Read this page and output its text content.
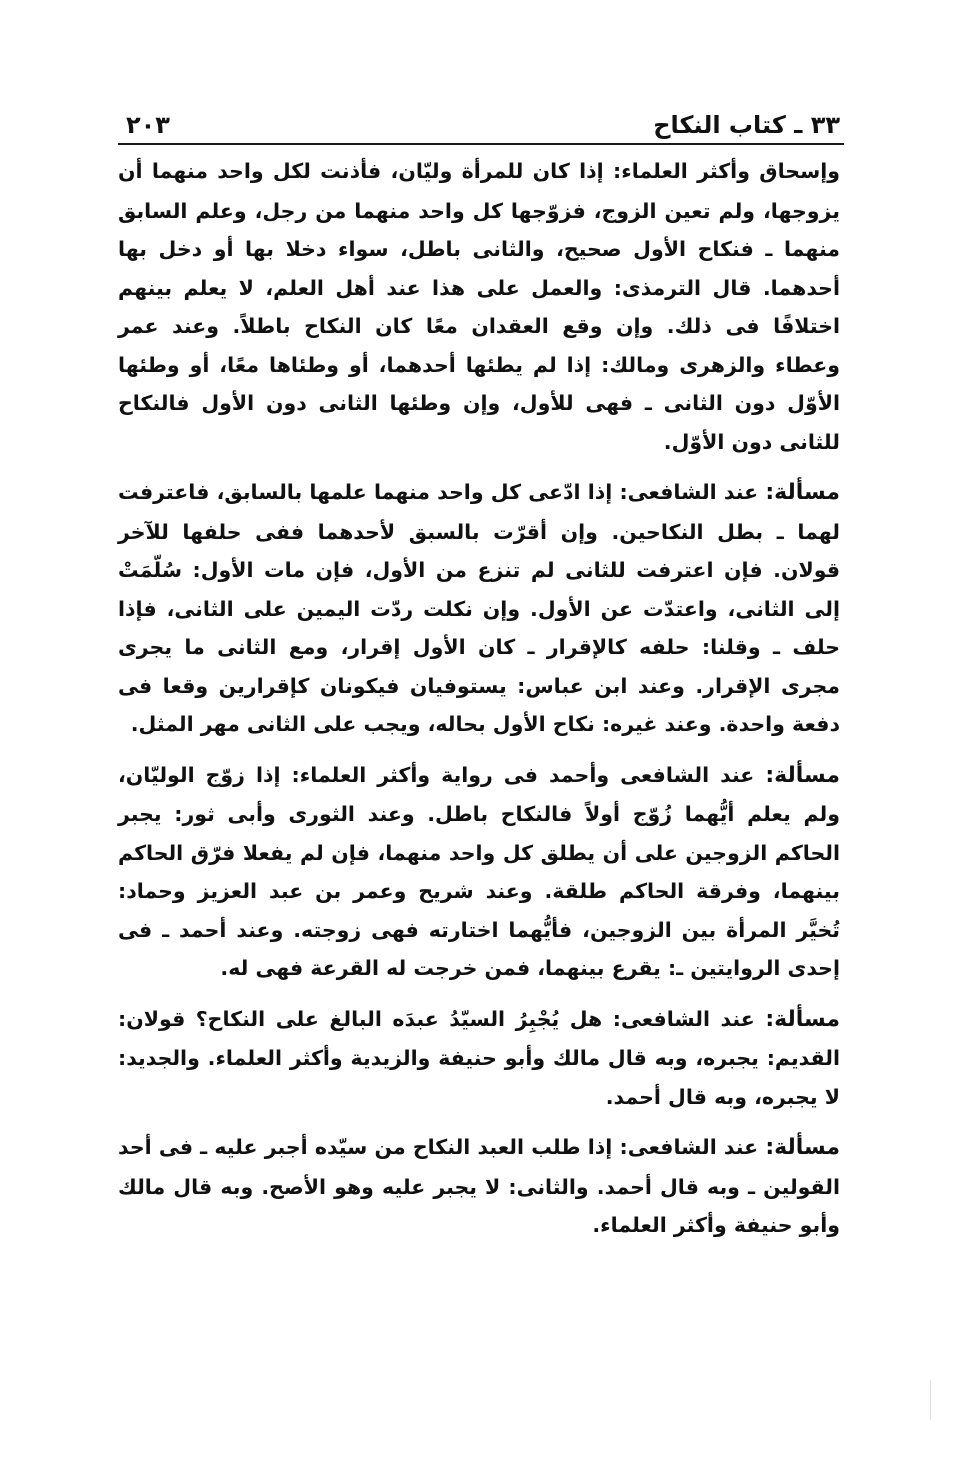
٣٣ ـ كتاب النكاح
٢٠٣

وإسحاق وأكثر العلماء: إذا كان للمرأة وليّان، فأذنت لكل واحد منهما أن يزوجها، ولم تعين الزوج، فزوّجها كل واحد منهما من رجل، وعلم السابق منهما ـ فنكاح الأول صحيح، والثانى باطل، سواء دخلا بها أو دخل بها أحدهما. قال الترمذى: والعمل على هذا عند أهل العلم، لا يعلم بينهم اختلافًا فى ذلك. وإن وقع العقدان معًا كان النكاح باطلاً. وعند عمر وعطاء والزهرى ومالك: إذا لم يطئها أحدهما، أو وطئاها معًا، أو وطئها الأوّل دون الثانى ـ فهى للأول، وإن وطئها الثانى دون الأول فالنكاح للثانى دون الأوّل.

مسألة: عند الشافعى: إذا ادّعى كل واحد منهما علمها بالسابق، فاعترفت لهما ـ بطل النكاحين. وإن أقرّت بالسبق لأحدهما ففى حلفها للآخر قولان. فإن اعترفت للثانى لم تنزع من الأول، فإن مات الأول: سُلّمَتْ إلى الثانى، واعتدّت عن الأول. وإن نكلت ردّت اليمين على الثانى، فإذا حلف ـ وقلنا: حلفه كالإقرار ـ كان الأول إقرار، ومع الثانى ما يجرى مجرى الإقرار. وعند ابن عباس: يستوفيان فيكونان كإقرارين وقعا فى دفعة واحدة. وعند غيره: نكاح الأول بحاله، ويجب على الثانى مهر المثل.

مسألة: عند الشافعى وأحمد فى رواية وأكثر العلماء: إذا زوّج الوليّان، ولم يعلم أيُّهما زُوّج أولاً فالنكاح باطل. وعند الثورى وأبى ثور: يجبر الحاكم الزوجين على أن يطلق كل واحد منهما، فإن لم يفعلا فرّق الحاكم بينهما، وفرقة الحاكم طلقة. وعند شريح وعمر بن عبد العزيز وحماد: تُخيَّر المرأة بين الزوجين، فأيُّهما اختارته فهى زوجته. وعند أحمد ـ فى إحدى الروايتين ـ: يقرع بينهما، فمن خرجت له القرعة فهى له.

مسألة: عند الشافعى: هل يُجْبِرُ السيّدُ عبدَه البالغ على النكاح؟ قولان: القديم: يجبره، وبه قال مالك وأبو حنيفة والزيدية وأكثر العلماء. والجديد: لا يجبره، وبه قال أحمد.

مسألة: عند الشافعى: إذا طلب العبد النكاح من سيّده أجبر عليه ـ فى أحد القولين ـ وبه قال أحمد. والثانى: لا يجبر عليه وهو الأصح. وبه قال مالك وأبو حنيفة وأكثر العلماء.
